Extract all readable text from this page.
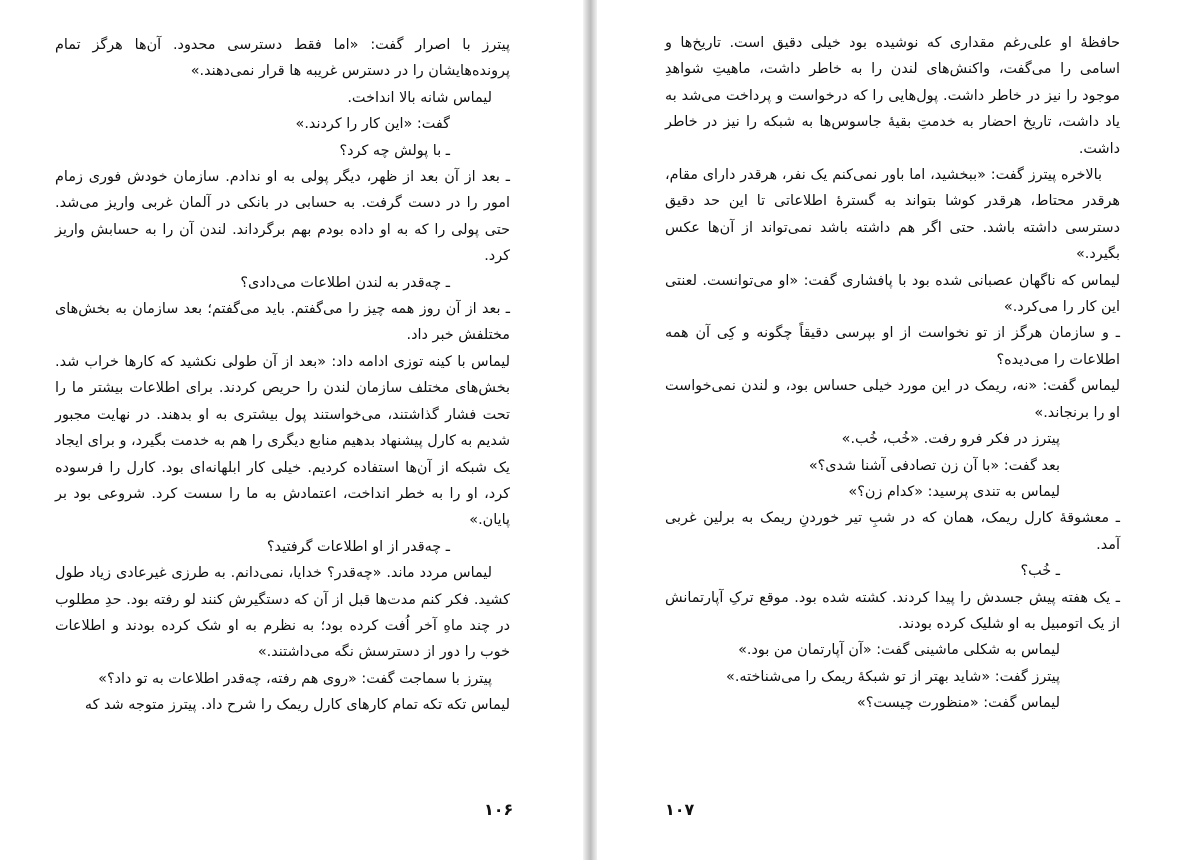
پیترز با اصرار گفت: «اما فقط دسترسی محدود. آن‌ها هرگز تمام پرونده‌هایشان را در دسترس غریبه ها قرار نمی‌دهند.»

لیماس شانه بالا انداخت.

گفت: «این کار را کردند.»

ـ با پولش چه کرد؟

ـ بعد از آن بعد از ظهر، دیگر پولی به او ندادم. سازمان خودش فوری زمام امور را در دست گرفت. به حسابی در بانکی در آلمان غربی واریز می‌شد. حتی پولی را که به او داده بودم بهم برگرداند. لندن آن را به حسابش واریز کرد.

ـ چه‌قدر به لندن اطلاعات می‌دادی؟

ـ بعد از آن روز همه چیز را می‌گفتم. باید می‌گفتم؛ بعد سازمان به بخش‌های مختلفش خبر داد.

لیماس با کینه توزی ادامه داد: «بعد از آن طولی نکشید که کارها خراب شد. بخش‌های مختلف سازمان لندن را حریص کردند. برای اطلاعات بیشتر ما را تحت فشار گذاشتند، می‌خواستند پول بیشتری به او بدهند. در نهایت مجبور شدیم به کارل پیشنهاد بدهیم منابع دیگری را هم به خدمت بگیرد، و برای ایجاد یک شبکه از آن‌ها استفاده کردیم. خیلی کار ابلهانه‌ای بود. کارل را فرسوده کرد، او را به خطر انداخت، اعتمادش به ما را سست کرد. شروعی بود بر پایان.»

ـ چه‌قدر از او اطلاعات گرفتید؟

لیماس مردد ماند. «چه‌قدر؟ خدایا، نمی‌دانم. به طرزی غیرعادی زیاد طول کشید. فکر کنم مدت‌ها قبل از آن که دستگیرش کنند لو رفته بود. حدِ مطلوب در چند ماهِ آخر اُفت کرده بود؛ به نظرم به او شک کرده بودند و اطلاعات خوب را دور از دسترسش نگه می‌داشتند.»

پیترز با سماجت گفت: «روی هم رفته، چه‌قدر اطلاعات به تو داد؟»

لیماس تکه تکه تمام کارهای کارل ریمک را شرح داد. پیترز متوجه شد که

۱۰۶

حافظهٔ او علی‌رغم مقداری که نوشیده بود خیلی دقیق است. تاریخ‌ها و اسامی را می‌گفت، واکنش‌های لندن را به خاطر داشت، ماهیتِ شواهدِ موجود را نیز در خاطر داشت. پول‌هایی را که درخواست و پرداخت می‌شد به یاد داشت، تاریخ احضار به خدمتِ بقیهٔ جاسوس‌ها به شبکه را نیز در خاطر داشت.

بالاخره پیترز گفت: «ببخشید، اما باور نمی‌کنم یک نفر، هرقدر دارای مقام، هرقدر محتاط، هرقدر کوشا بتواند به گسترهٔ اطلاعاتی تا این حد دقیق دسترسی داشته باشد. حتی اگر هم داشته باشد نمی‌تواند از آن‌ها عکس بگیرد.»

لیماس که ناگهان عصبانی شده بود با پافشاری گفت: «او می‌توانست. لعنتی این کار را می‌کرد.»

ـ و سازمان هرگز از تو نخواست از او بپرسی دقیقاً چگونه و کِی آن همه اطلاعات را می‌دیده؟

لیماس گفت: «نه، ریمک در این مورد خیلی حساس بود، و لندن نمی‌خواست او را برنجاند.»

پیترز در فکر فرو رفت. «خُب، خُب.»

بعد گفت: «با آن زن تصادفی آشنا شدی؟»

لیماس به تندی پرسید: «کدام زن؟»

ـ معشوقهٔ کارل ریمک، همان که در شبِ تیر خوردنِ ریمک به برلین غربی آمد.

ـ خُب؟

ـ یک هفته پیش جسدش را پیدا کردند. کشته شده بود. موقع ترکِ آپارتمانش از یک اتومبیل به او شلیک کرده بودند.

لیماس به شکلی ماشینی گفت: «آن آپارتمان من بود.»

پیترز گفت: «شاید بهتر از تو شبکهٔ ریمک را می‌شناخته.»

لیماس گفت: «منظورت چیست؟»

۱۰۷
